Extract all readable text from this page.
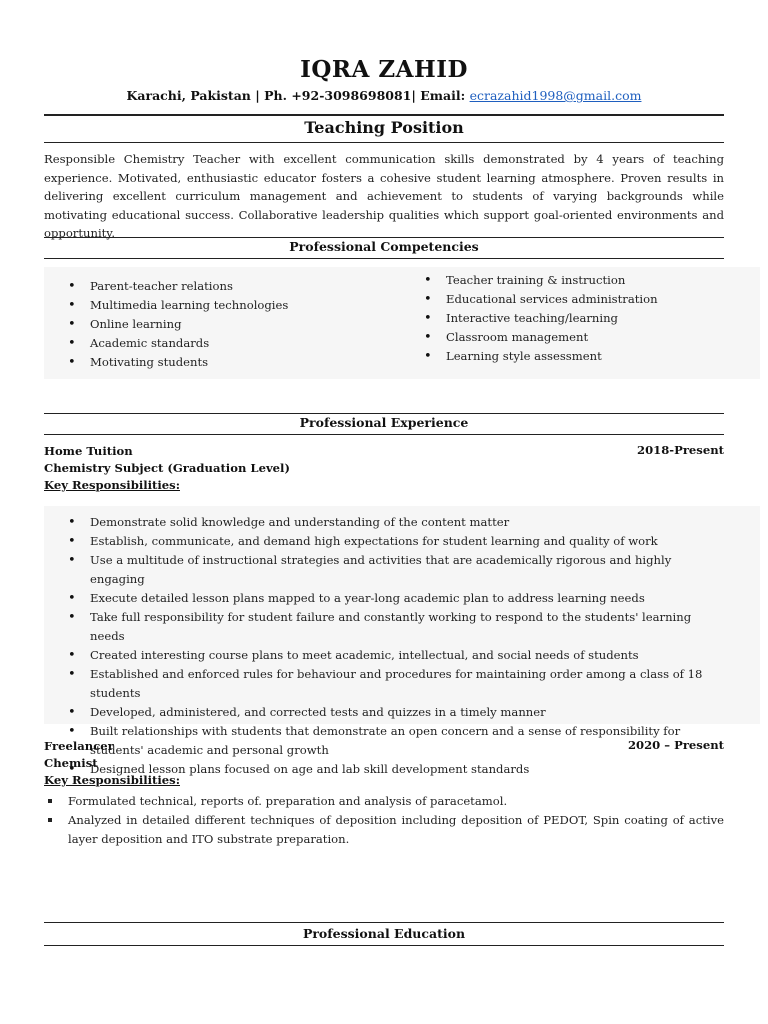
IQRA ZAHID
Karachi, Pakistan | Ph. +92-3098698081| Email: ecrazahid1998@gmail.com
Teaching Position
Responsible Chemistry Teacher with excellent communication skills demonstrated by 4 years of teaching experience. Motivated, enthusiastic educator fosters a cohesive student learning atmosphere. Proven results in delivering excellent curriculum management and achievement to students of varying backgrounds while motivating educational success. Collaborative leadership qualities which support goal-oriented environments and opportunity.
Professional Competencies
• Parent-teacher relations
• Multimedia learning technologies
• Online learning
• Academic standards
• Motivating students
• Teacher training & instruction
• Educational services administration
• Interactive teaching/learning
• Classroom management
• Learning style assessment
Professional Experience
Home Tuition
Chemistry Subject (Graduation Level)
Key Responsibilities:
2018-Present
• Demonstrate solid knowledge and understanding of the content matter
• Establish, communicate, and demand high expectations for student learning and quality of work
• Use a multitude of instructional strategies and activities that are academically rigorous and highly engaging
• Execute detailed lesson plans mapped to a year-long academic plan to address learning needs
• Take full responsibility for student failure and constantly working to respond to the students' learning needs
• Created interesting course plans to meet academic, intellectual, and social needs of students
• Established and enforced rules for behaviour and procedures for maintaining order among a class of 18 students
• Developed, administered, and corrected tests and quizzes in a timely manner
• Built relationships with students that demonstrate an open concern and a sense of responsibility for students' academic and personal growth
• Designed lesson plans focused on age and lab skill development standards
Freelancer
Chemist
Key Responsibilities:
2020 – Present
Formulated technical, reports of. preparation and analysis of paracetamol.
Analyzed in detailed different techniques of deposition including deposition of PEDOT, Spin coating of active layer deposition and ITO substrate preparation.
Professional Education
